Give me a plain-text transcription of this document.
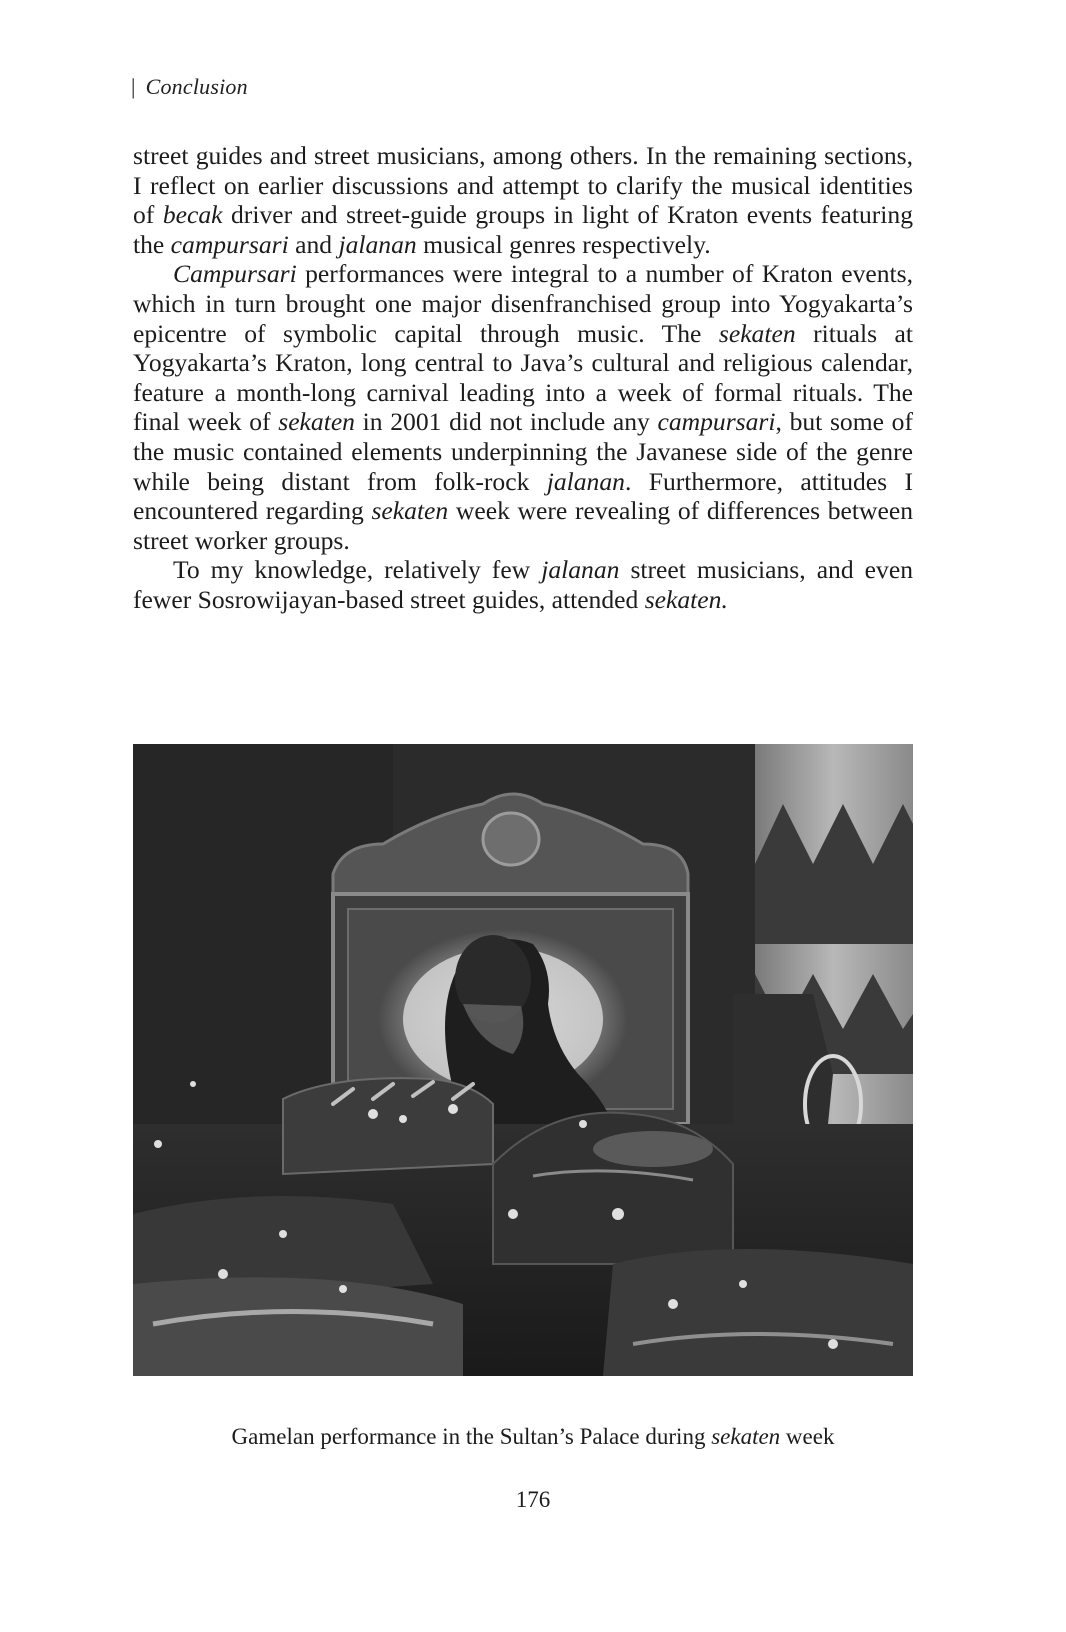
| Conclusion

street guides and street musicians, among others. In the remaining sections, I reflect on earlier discussions and attempt to clarify the musical identities of becak driver and street-guide groups in light of Kraton events featuring the campursari and jalanan musical genres respectively.

Campursari performances were integral to a number of Kraton events, which in turn brought one major disenfranchised group into Yogyakarta’s epicentre of symbolic capital through music. The sekaten rituals at Yogyakarta’s Kraton, long central to Java’s cultural and religious calendar, feature a month-long carnival leading into a week of formal rituals. The final week of sekaten in 2001 did not include any campursari, but some of the music contained elements underpinning the Javanese side of the genre while being distant from folk-rock jalanan. Furthermore, attitudes I encountered regarding sekaten week were revealing of differences between street worker groups.

To my knowledge, relatively few jalanan street musicians, and even fewer Sosrowijayan-based street guides, attended sekaten.

Gamelan performance in the Sultan’s Palace during sekaten week
176
